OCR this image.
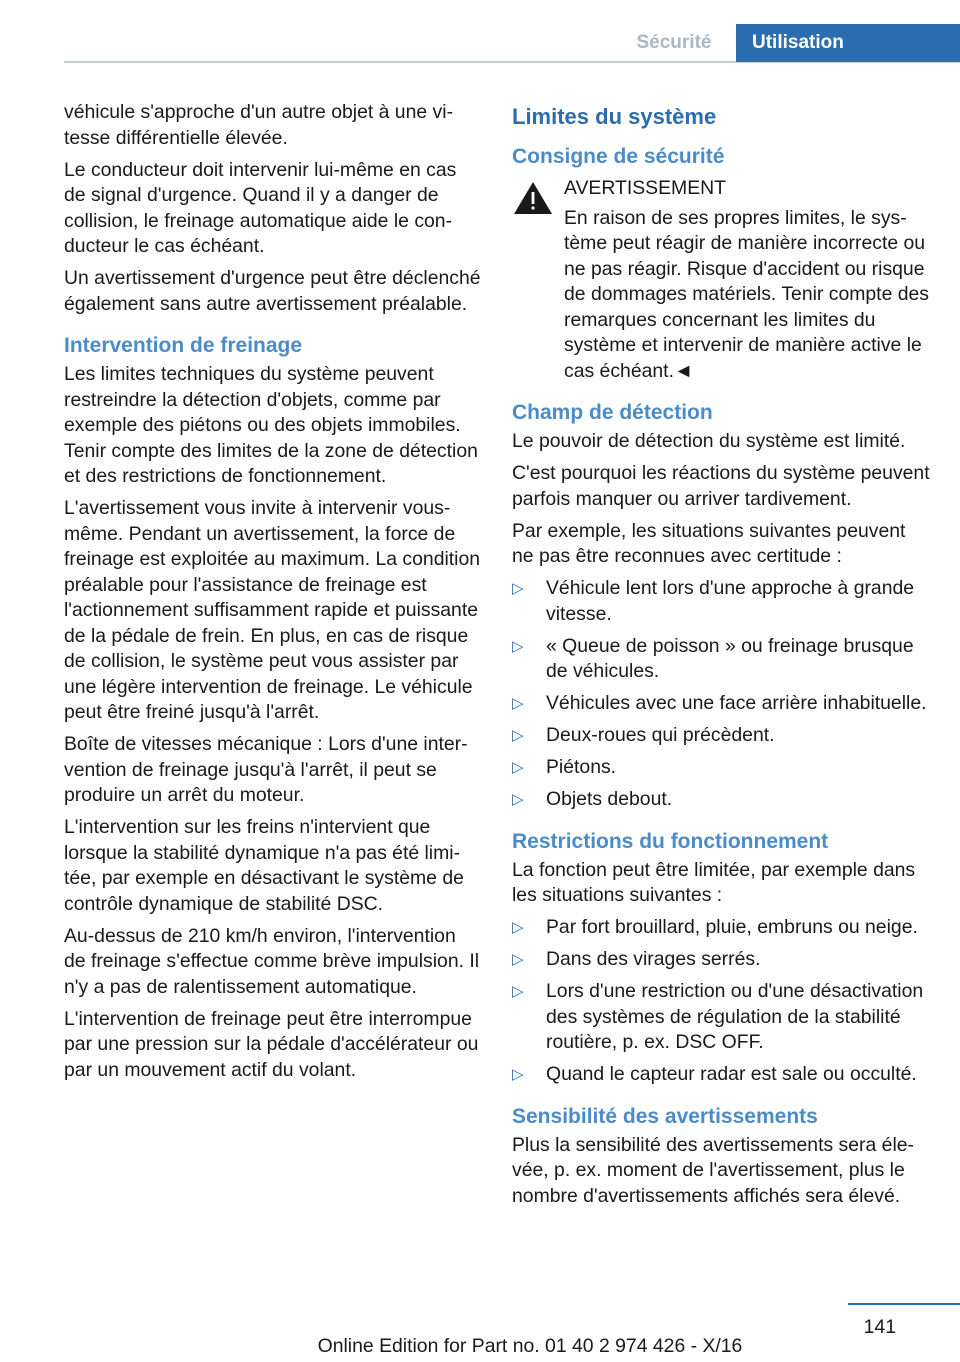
Sécurité	Utilisation

véhicule s'approche d'un autre objet à une vitesse différentielle élevée.

Le conducteur doit intervenir lui-même en cas de signal d'urgence. Quand il y a danger de collision, le freinage automatique aide le conducteur le cas échéant.

Un avertissement d'urgence peut être déclenché également sans autre avertissement préalable.

Intervention de freinage

Les limites techniques du système peuvent restreindre la détection d'objets, comme par exemple des piétons ou des objets immobiles. Tenir compte des limites de la zone de détection et des restrictions de fonctionnement.

L'avertissement vous invite à intervenir vous-même. Pendant un avertissement, la force de freinage est exploitée au maximum. La condition préalable pour l'assistance de freinage est l'actionnement suffisamment rapide et puissante de la pédale de frein. En plus, en cas de risque de collision, le système peut vous assister par une légère intervention de freinage. Le véhicule peut être freiné jusqu'à l'arrêt.

Boîte de vitesses mécanique : Lors d'une intervention de freinage jusqu'à l'arrêt, il peut se produire un arrêt du moteur.

L'intervention sur les freins n'intervient que lorsque la stabilité dynamique n'a pas été limitée, par exemple en désactivant le système de contrôle dynamique de stabilité DSC.

Au-dessus de 210 km/h environ, l'intervention de freinage s'effectue comme brève impulsion. Il n'y a pas de ralentissement automatique.

L'intervention de freinage peut être interrompue par une pression sur la pédale d'accélérateur ou par un mouvement actif du volant.

Limites du système
Consigne de sécurité
AVERTISSEMENT
En raison de ses propres limites, le système peut réagir de manière incorrecte ou ne pas réagir. Risque d'accident ou risque de dommages matériels. Tenir compte des remarques concernant les limites du système et intervenir de manière active le cas échéant.◄
Champ de détection

Le pouvoir de détection du système est limité.

C'est pourquoi les réactions du système peuvent parfois manquer ou arriver tardivement.

Par exemple, les situations suivantes peuvent ne pas être reconnues avec certitude :

▷	Véhicule lent lors d'une approche à grande vitesse.
▷	« Queue de poisson » ou freinage brusque de véhicules.
▷	Véhicules avec une face arrière inhabituelle.
▷	Deux-roues qui précèdent.
▷	Piétons.
▷	Objets debout.
Restrictions du fonctionnement

La fonction peut être limitée, par exemple dans les situations suivantes :

▷	Par fort brouillard, pluie, embruns ou neige.
▷	Dans des virages serrés.
▷	Lors d'une restriction ou d'une désactivation des systèmes de régulation de la stabilité routière, p. ex. DSC OFF.
▷	Quand le capteur radar est sale ou occulté.
Sensibilité des avertissements

Plus la sensibilité des avertissements sera élevée, p. ex. moment de l'avertissement, plus le nombre d'avertissements affichés sera élevé.

141
Online Edition for Part no. 01 40 2 974 426 - X/16
